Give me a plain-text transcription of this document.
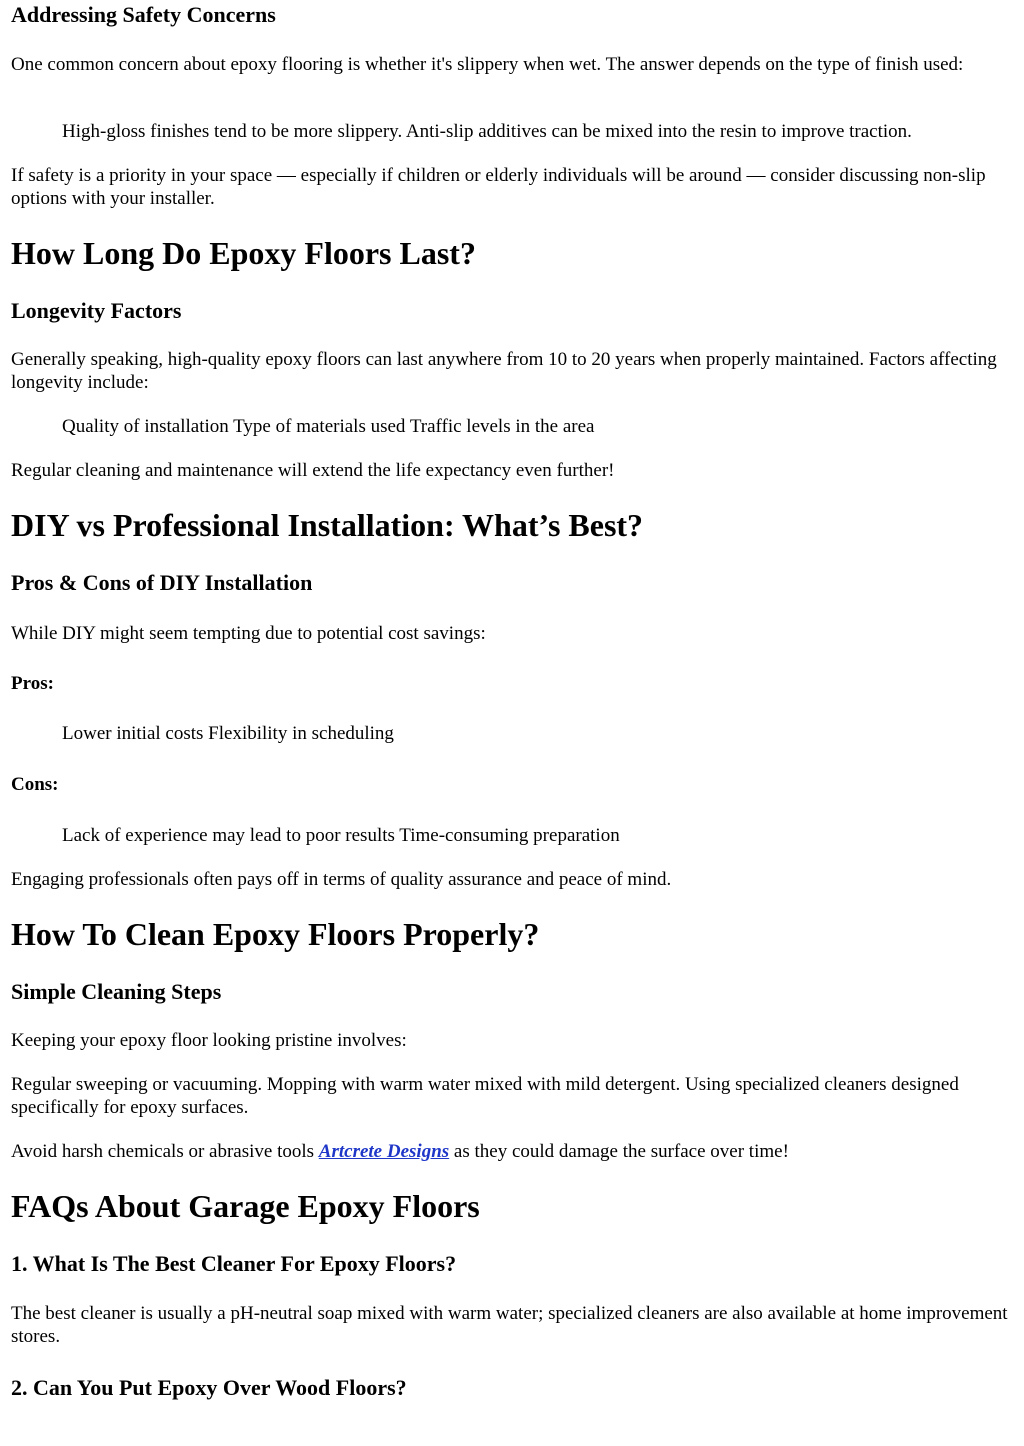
Addressing Safety Concerns

One common concern about epoxy flooring is whether it's slippery when wet. The answer depends on the type of finish used:

High-gloss finishes tend to be more slippery. Anti-slip additives can be mixed into the resin to improve traction.

If safety is a priority in your space — especially if children or elderly individuals will be around — consider discussing non-slip options with your installer.

How Long Do Epoxy Floors Last?
Longevity Factors

Generally speaking, high-quality epoxy floors can last anywhere from 10 to 20 years when properly maintained. Factors affecting longevity include:

Quality of installation Type of materials used Traffic levels in the area

Regular cleaning and maintenance will extend the life expectancy even further!

DIY vs Professional Installation: What’s Best?
Pros & Cons of DIY Installation

While DIY might seem tempting due to potential cost savings:

Pros:

Lower initial costs Flexibility in scheduling

Cons:

Lack of experience may lead to poor results Time-consuming preparation

Engaging professionals often pays off in terms of quality assurance and peace of mind.

How To Clean Epoxy Floors Properly?
Simple Cleaning Steps

Keeping your epoxy floor looking pristine involves:

Regular sweeping or vacuuming. Mopping with warm water mixed with mild detergent. Using specialized cleaners designed specifically for epoxy surfaces.

Avoid harsh chemicals or abrasive tools Artcrete Designs as they could damage the surface over time!

FAQs About Garage Epoxy Floors
1. What Is The Best Cleaner For Epoxy Floors?

The best cleaner is usually a pH-neutral soap mixed with warm water; specialized cleaners are also available at home improvement stores.

2. Can You Put Epoxy Over Wood Floors?
